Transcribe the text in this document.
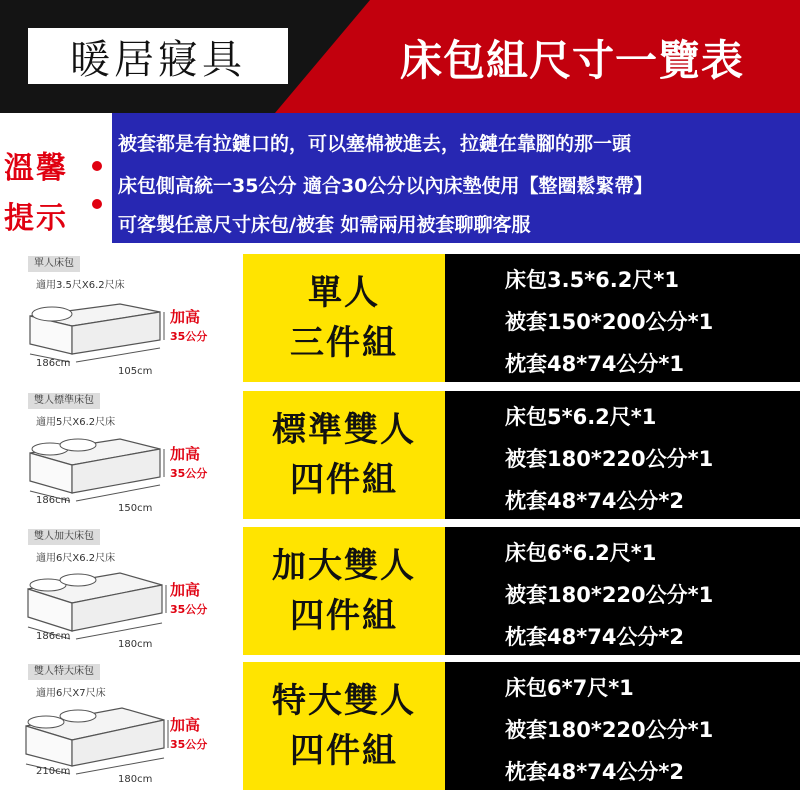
暖居寢具	床包組尺寸一覽表
溫馨
提示
被套都是有拉鏈口的，可以塞棉被進去，拉鏈在靠腳的那一頭
床包側高統一35公分 適合30公分以內床墊使用【整圈鬆緊帶】
可客製任意尺寸床包/被套 如需兩用被套聊聊客服
單人床包
適用3.5尺X6.2尺床
加高
35公分
186cm
105cm
單人
三件組
床包3.5*6.2尺*1
被套150*200公分*1
枕套48*74公分*1
雙人標準床包
適用5尺X6.2尺床
加高
35公分
186cm
150cm
標準雙人
四件組
床包5*6.2尺*1
被套180*220公分*1
枕套48*74公分*2
雙人加大床包
適用6尺X6.2尺床
加高
35公分
186cm
180cm
加大雙人
四件組
床包6*6.2尺*1
被套180*220公分*1
枕套48*74公分*2
雙人特大床包
適用6尺X7尺床
加高
35公分
210cm
180cm
特大雙人
四件組
床包6*7尺*1
被套180*220公分*1
枕套48*74公分*2
